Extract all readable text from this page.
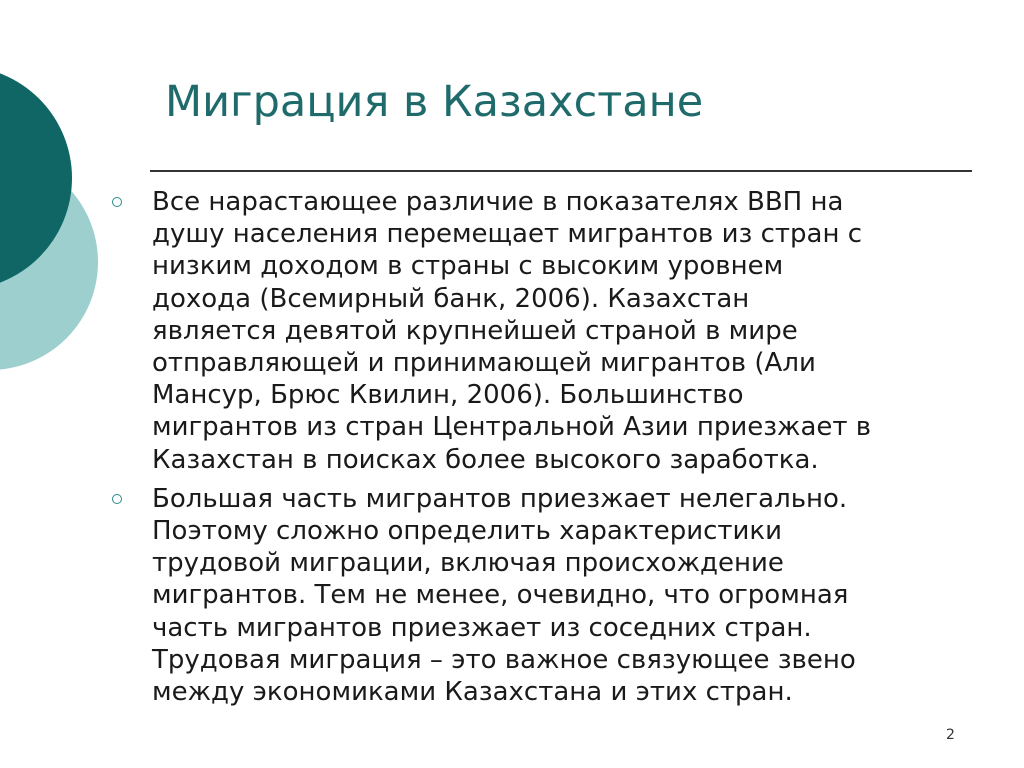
Миграция в Казахстане
Все нарастающее различие в показателях ВВП на
душу населения перемещает мигрантов из стран с
низким доходом в страны с высоким уровнем
дохода (Всемирный банк, 2006). Казахстан
является девятой крупнейшей страной в мире
отправляющей и принимающей мигрантов (Али
Мансур, Брюс Квилин, 2006). Большинство
мигрантов из стран Центральной Азии приезжает в
Казахстан в поисках более высокого заработка.
Большая часть мигрантов приезжает нелегально.
Поэтому сложно определить характеристики
трудовой миграции, включая происхождение
мигрантов. Тем не менее, очевидно, что огромная
часть мигрантов приезжает из соседних стран.
Трудовая миграция – это важное связующее звено
между экономиками Казахстана и этих стран.
2
